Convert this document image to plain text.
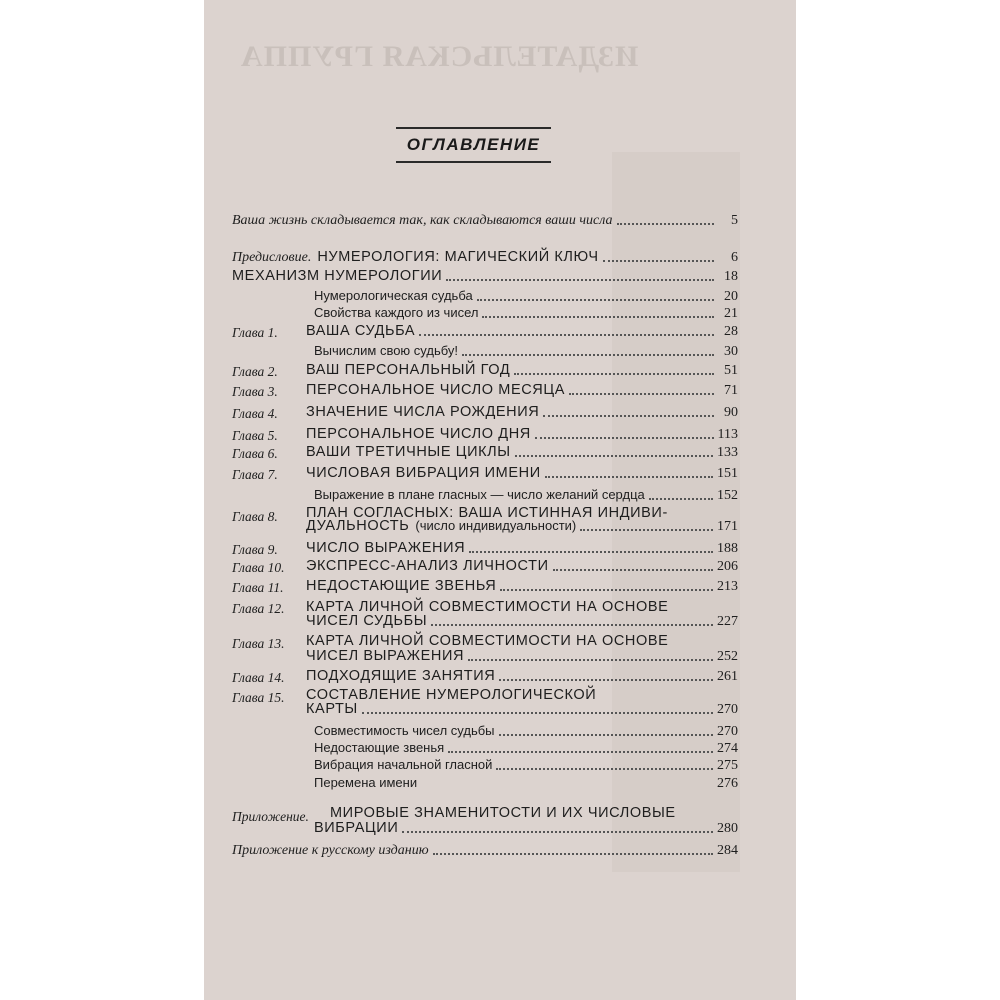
ИЗДАТЕЛЬСКАЯ ГРУППА
ОГЛАВЛЕНИЕ
Ваша жизнь складывается так, как складываются ваши числа	5
Предисловие. НУМЕРОЛОГИЯ: МАГИЧЕСКИЙ КЛЮЧ	6
МЕХАНИЗМ НУМЕРОЛОГИИ	18
Нумерологическая судьба	20
Свойства каждого из чисел	21
Глава 1. ВАША СУДЬБА	28
Вычислим свою судьбу!	30
Глава 2. ВАШ ПЕРСОНАЛЬНЫЙ ГОД	51
Глава 3. ПЕРСОНАЛЬНОЕ ЧИСЛО МЕСЯЦА	71
Глава 4. ЗНАЧЕНИЕ ЧИСЛА РОЖДЕНИЯ	90
Глава 5. ПЕРСОНАЛЬНОЕ ЧИСЛО ДНЯ	113
Глава 6. ВАШИ ТРЕТИЧНЫЕ ЦИКЛЫ	133
Глава 7. ЧИСЛОВАЯ ВИБРАЦИЯ ИМЕНИ	151
Выражение в плане гласных — число желаний сердца	152
Глава 8. ПЛАН СОГЛАСНЫХ: ВАША ИСТИННАЯ ИНДИВИ-
ДУАЛЬНОСТЬ (число индивидуальности)	171
Глава 9. ЧИСЛО ВЫРАЖЕНИЯ	188
Глава 10. ЭКСПРЕСС-АНАЛИЗ ЛИЧНОСТИ	206
Глава 11. НЕДОСТАЮЩИЕ ЗВЕНЬЯ	213
Глава 12. КАРТА ЛИЧНОЙ СОВМЕСТИМОСТИ НА ОСНОВЕ
ЧИСЕЛ СУДЬБЫ	227
Глава 13. КАРТА ЛИЧНОЙ СОВМЕСТИМОСТИ НА ОСНОВЕ
ЧИСЕЛ ВЫРАЖЕНИЯ	252
Глава 14. ПОДХОДЯЩИЕ ЗАНЯТИЯ	261
Глава 15. СОСТАВЛЕНИЕ НУМЕРОЛОГИЧЕСКОЙ
КАРТЫ	270
Совместимость чисел судьбы	270
Недостающие звенья	274
Вибрация начальной гласной	275
Перемена имени	276
Приложение. МИРОВЫЕ ЗНАМЕНИТОСТИ И ИХ ЧИСЛОВЫЕ
ВИБРАЦИИ	280
Приложение к русскому изданию	284
